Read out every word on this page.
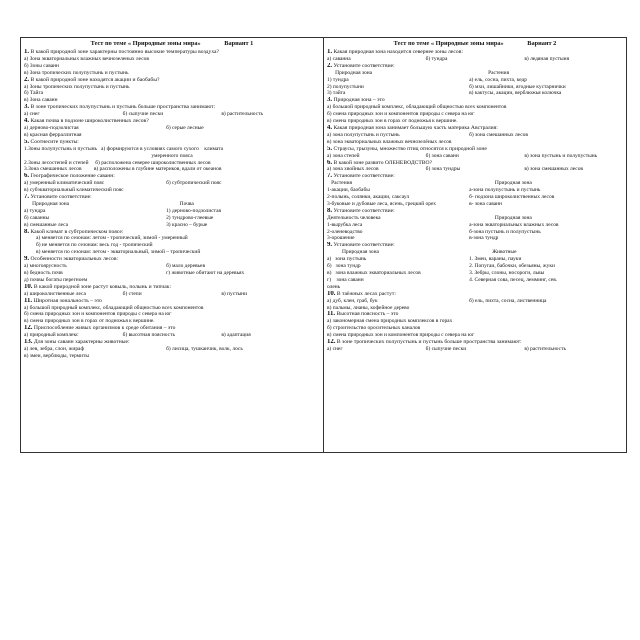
Тест по теме « Природные зоны мира»	Вариант 1
1. В какой природной зоне характерны постоянно высокие температуры воздуха?
а) Зона экваториальных влажных вечнозеленых лесов
б) Зоны саванн
в) Зона тропических полупустынь и пустынь
2. В какой природной зоне находятся акации и баобабы?
а) Зоны тропических полупустынь и пустынь
б) Тайга
в) Зона саванн
3. В зоне тропических полупустынь и пустынь больше пространства занимают:
а) снег	б) сыпучие пески	в) растительность
4. Какая почва в подзоне широколиственных лесов?
а) дерново-подзолистая	б) серые лесные
в) красная ферраллитная
5. Соотнесите пункты:
1.Зоны полупустынь и пустынь   а) формируются в условиях самого сухого    климата
умеренного пояса
2.Зоны лесостепей и степей     б) расположена северее широколиственных лесов
3.Зона смешанных лесов         в) расположены в глубине материков, вдали от океанов
6. Географическое положение саванн:
а) умеренный климатический пояс	б) субтропический пояс
в) субэкваториальный климатический пояс
7. Установите соответствие:
Природная зона	Почва
а) тундра	1) дерново-подзолистая
б) саванны	2) тундрово-глеевые
в) смешанные леса	3) красно – бурые
8. Какой климат в субтропическом поясе:
а) меняется по сезонам: летом - тропический, зимой - умеренный
б) не меняется по сезонам: весь год - тропический
в) меняется по сезонам: летом - экваториальный, зимой – тропический
9. Особенности экваториальных лесов:
а) многоярусность	б) мало деревьев
в) бедность почв	г) животные обитают на деревьях
д) почвы богаты перегноем
10. В какой природной зоне растут ковыль, полынь и типчак:
а) широколиственные леса	б) степи	в) пустыни
11. Широтная зональность – это
а) большой природный комплекс, обладающий общностью всех компонентов
б) смена природных зон и компонентов природы с севера на юг
в) смена природных зон в горах от подножья к вершине.
12. Приспособление живых организмов к среде обитания – это
а) природный комплекс	б) высотная поясность	в) адаптация
13. Для зоны саванн характерны животные:
а) лев, зебра, слон, жираф	б) лисица, тушканчик, волк, лось
в) змеи, верблюды, термиты
Тест по теме « Природные зоны мира»	Вариант 2
1. Какая природная зона находится севернее зоны лесов:
а) саванна	б) тундра	в) ледяная пустыня
2. Установите соответствие:
Природная зона	Растения
1) тундра	а) ель, сосна, пихта, кедр
2) полупустыни	б) мхи, лишайники, ягодные кустарнички
3) тайга	в) кактусы, акации, верблюжья колючка
3. Природная зона – это
а) большой природный комплекс, обладающий общностью всех компонентов
б) смена природных зон и компонентов природы с севера на юг
в) смена природных зон в горах от подножья к вершине.
4. Какая природная зона занимает большую часть материка Австралия:
а) зона полупустынь и пустынь	б) зона смешанных лесов
в) зона экваториальных влажных вечнозелёных лесов
5. Страусы, грызуны, множество птиц относятся к природной зоне
а) зона степей	б) зона саванн	в) зона пустынь и полупустынь
6. В какой зоне развито ОЛЕНЕВОДСТВО?
а) зона хвойных лесов	б) зона тундры	в) зона смешанных лесов
7. Установите соответствие:
Растения	Природная зона
1-акации, баобабы	а-зона полупустынь и пустынь
2-полынь, солянки, акации, саксаул	б- подзона широколиственных лесов
3-буковые и дубовые леса, ясень, грецкий орех	в- зона саванн
8. Установите соответствие:
Деятельность человека	Природная зона
1-вырубка леса	а-зона экваториальных влажных лесов
2-оленеводство	б-зона пустынь и полупустынь
3-орошение	в-зона тундр
9. Установите соответствие:
Природная зона	Животные
а)   зона пустынь	1. Змеи, вараны, пауки
б)   зона тундр	2. Попугаи, бабочки, обезьяны, жуки
в)   зона влажных экваториальных лесов	3. Зебры, слоны, носороги, львы
г)    зона саванн	4. Северная сова, песец, лемминг, сев.
олень
10. В таёжных лесах растут:
а) дуб, клен, граб, бук	б) ель, пихта, сосна, лиственница
в) пальмы, лианы, кофейное дерево
11. Высотная поясность – это
а) закономерная смена природных комплексов в горах
б) строительство оросительных каналов
в) смена природных зон и компонентов природы с севера на юг
12. В зоне тропических полупустынь и пустынь больше пространства занимают:
а) снег	б) сыпучие пески	в) растительность
